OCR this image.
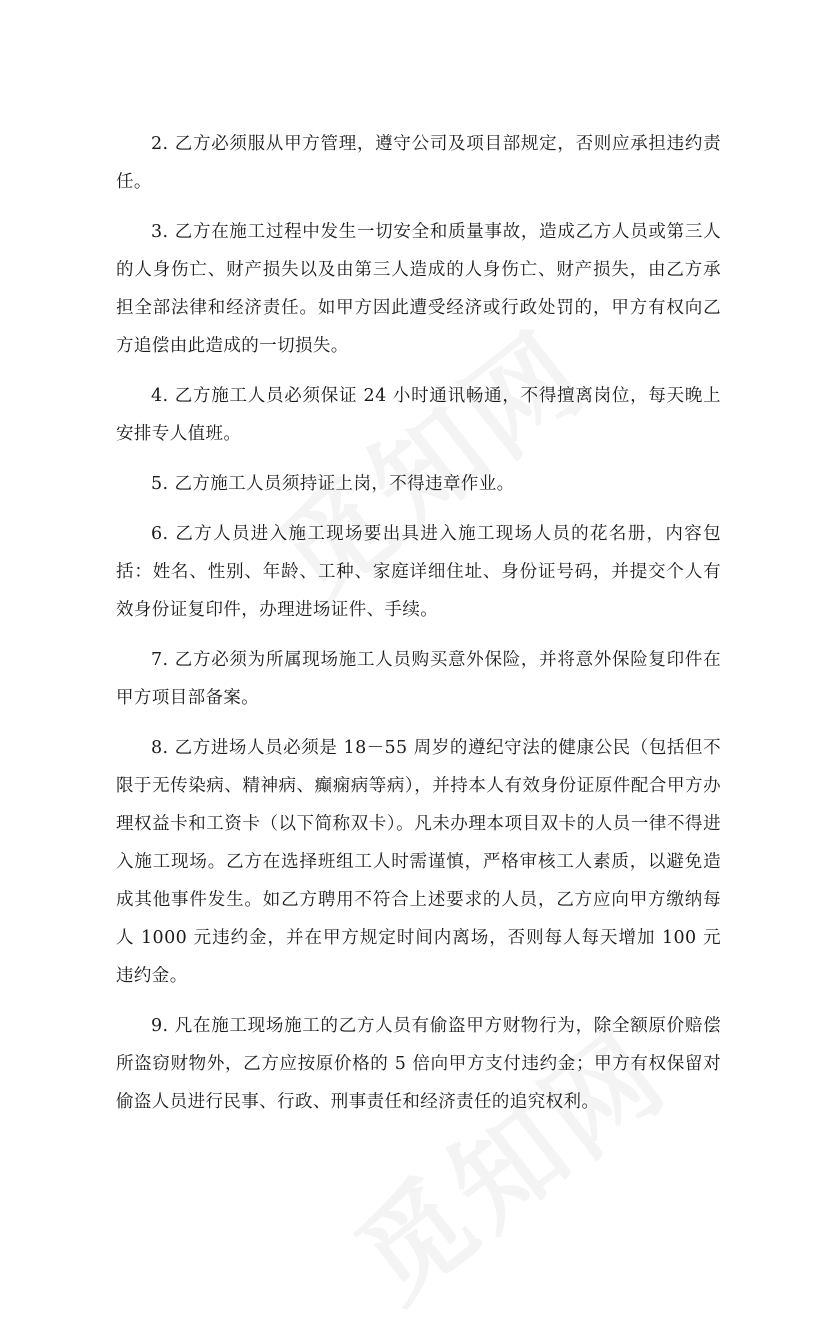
2. 乙方必须服从甲方管理，遵守公司及项目部规定，否则应承担违约责任。

3. 乙方在施工过程中发生一切安全和质量事故，造成乙方人员或第三人的人身伤亡、财产损失以及由第三人造成的人身伤亡、财产损失，由乙方承担全部法律和经济责任。如甲方因此遭受经济或行政处罚的，甲方有权向乙方追偿由此造成的一切损失。

4. 乙方施工人员必须保证 24 小时通讯畅通，不得擅离岗位，每天晚上安排专人值班。

5. 乙方施工人员须持证上岗，不得违章作业。

6. 乙方人员进入施工现场要出具进入施工现场人员的花名册，内容包括：姓名、性别、年龄、工种、家庭详细住址、身份证号码，并提交个人有效身份证复印件，办理进场证件、手续。

7. 乙方必须为所属现场施工人员购买意外保险，并将意外保险复印件在甲方项目部备案。

8. 乙方进场人员必须是 18－55 周岁的遵纪守法的健康公民（包括但不限于无传染病、精神病、癫痫病等病），并持本人有效身份证原件配合甲方办理权益卡和工资卡（以下简称双卡）。凡未办理本项目双卡的人员一律不得进入施工现场。乙方在选择班组工人时需谨慎，严格审核工人素质，以避免造成其他事件发生。如乙方聘用不符合上述要求的人员，乙方应向甲方缴纳每人 1000 元违约金，并在甲方规定时间内离场，否则每人每天增加 100 元违约金。

9. 凡在施工现场施工的乙方人员有偷盗甲方财物行为，除全额原价赔偿所盗窃财物外，乙方应按原价格的 5 倍向甲方支付违约金；甲方有权保留对偷盗人员进行民事、行政、刑事责任和经济责任的追究权利。
